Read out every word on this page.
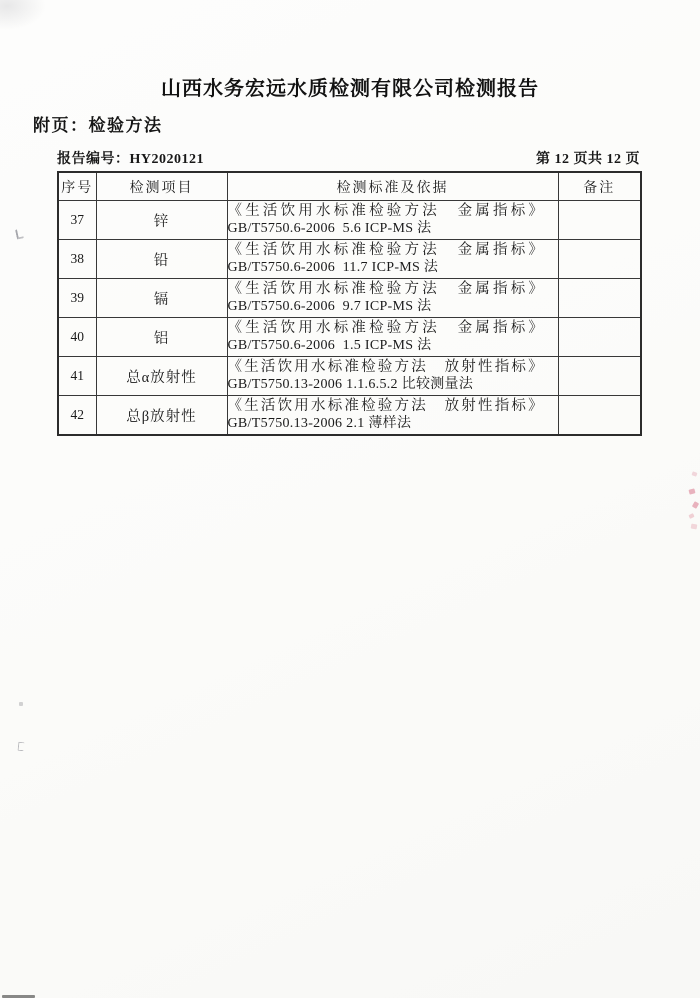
山西水务宏远水质检测有限公司检测报告
附页：检验方法
报告编号：HY2020121	第 12 页共 12 页
序号	检测项目	检测标准及依据	备注
37	锌	《生活饮用水标准检验方法　金属指标》
GB/T5750.6-2006  5.6 ICP-MS 法	

38	铅	《生活饮用水标准检验方法　金属指标》
GB/T5750.6-2006  11.7 ICP-MS 法	

39	镉	《生活饮用水标准检验方法　金属指标》
GB/T5750.6-2006  9.7 ICP-MS 法	

40	铝	《生活饮用水标准检验方法　金属指标》
GB/T5750.6-2006  1.5 ICP-MS 法	

41	总α放射性	《生活饮用水标准检验方法　放射性指标》
GB/T5750.13-2006 1.1.6.5.2 比较测量法	

42	总β放射性	《生活饮用水标准检验方法　放射性指标》
GB/T5750.13-2006 2.1 薄样法	
